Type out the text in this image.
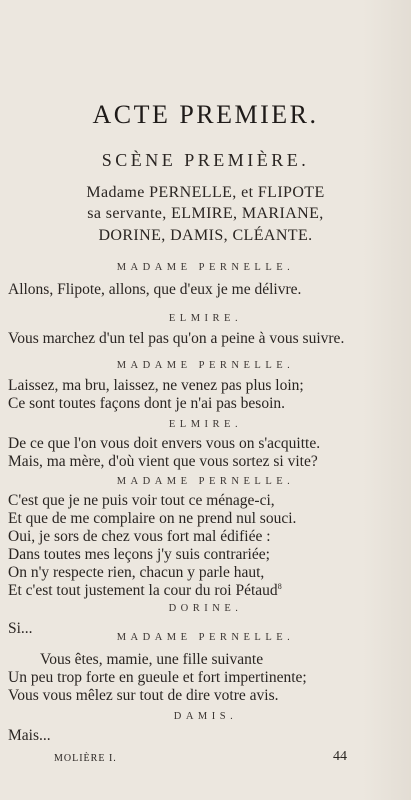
ACTE PREMIER.
SCÈNE PREMIÈRE.
Madame PERNELLE, et FLIPOTE
sa servante, ELMIRE, MARIANE,
DORINE, DAMIS, CLÉANTE.
MADAME PERNELLE.
Allons, Flipote, allons, que d'eux je me délivre.
ELMIRE.
Vous marchez d'un tel pas qu'on a peine à vous suivre.
MADAME PERNELLE.
Laissez, ma bru, laissez, ne venez pas plus loin;
Ce sont toutes façons dont je n'ai pas besoin.
ELMIRE.
De ce que l'on vous doit envers vous on s'acquitte.
Mais, ma mère, d'où vient que vous sortez si vite?
MADAME PERNELLE.
C'est que je ne puis voir tout ce ménage-ci,
Et que de me complaire on ne prend nul souci.
Oui, je sors de chez vous fort mal édifiée :
Dans toutes mes leçons j'y suis contrariée;
On n'y respecte rien, chacun y parle haut,
Et c'est tout justement la cour du roi Pétaud$^8$
DORINE.
Si...
MADAME PERNELLE.
Vous êtes, mamie, une fille suivante
Un peu trop forte en gueule et fort impertinente;
Vous vous mêlez sur tout de dire votre avis.
DAMIS.
Mais...
MOLIÈRE I.	44
